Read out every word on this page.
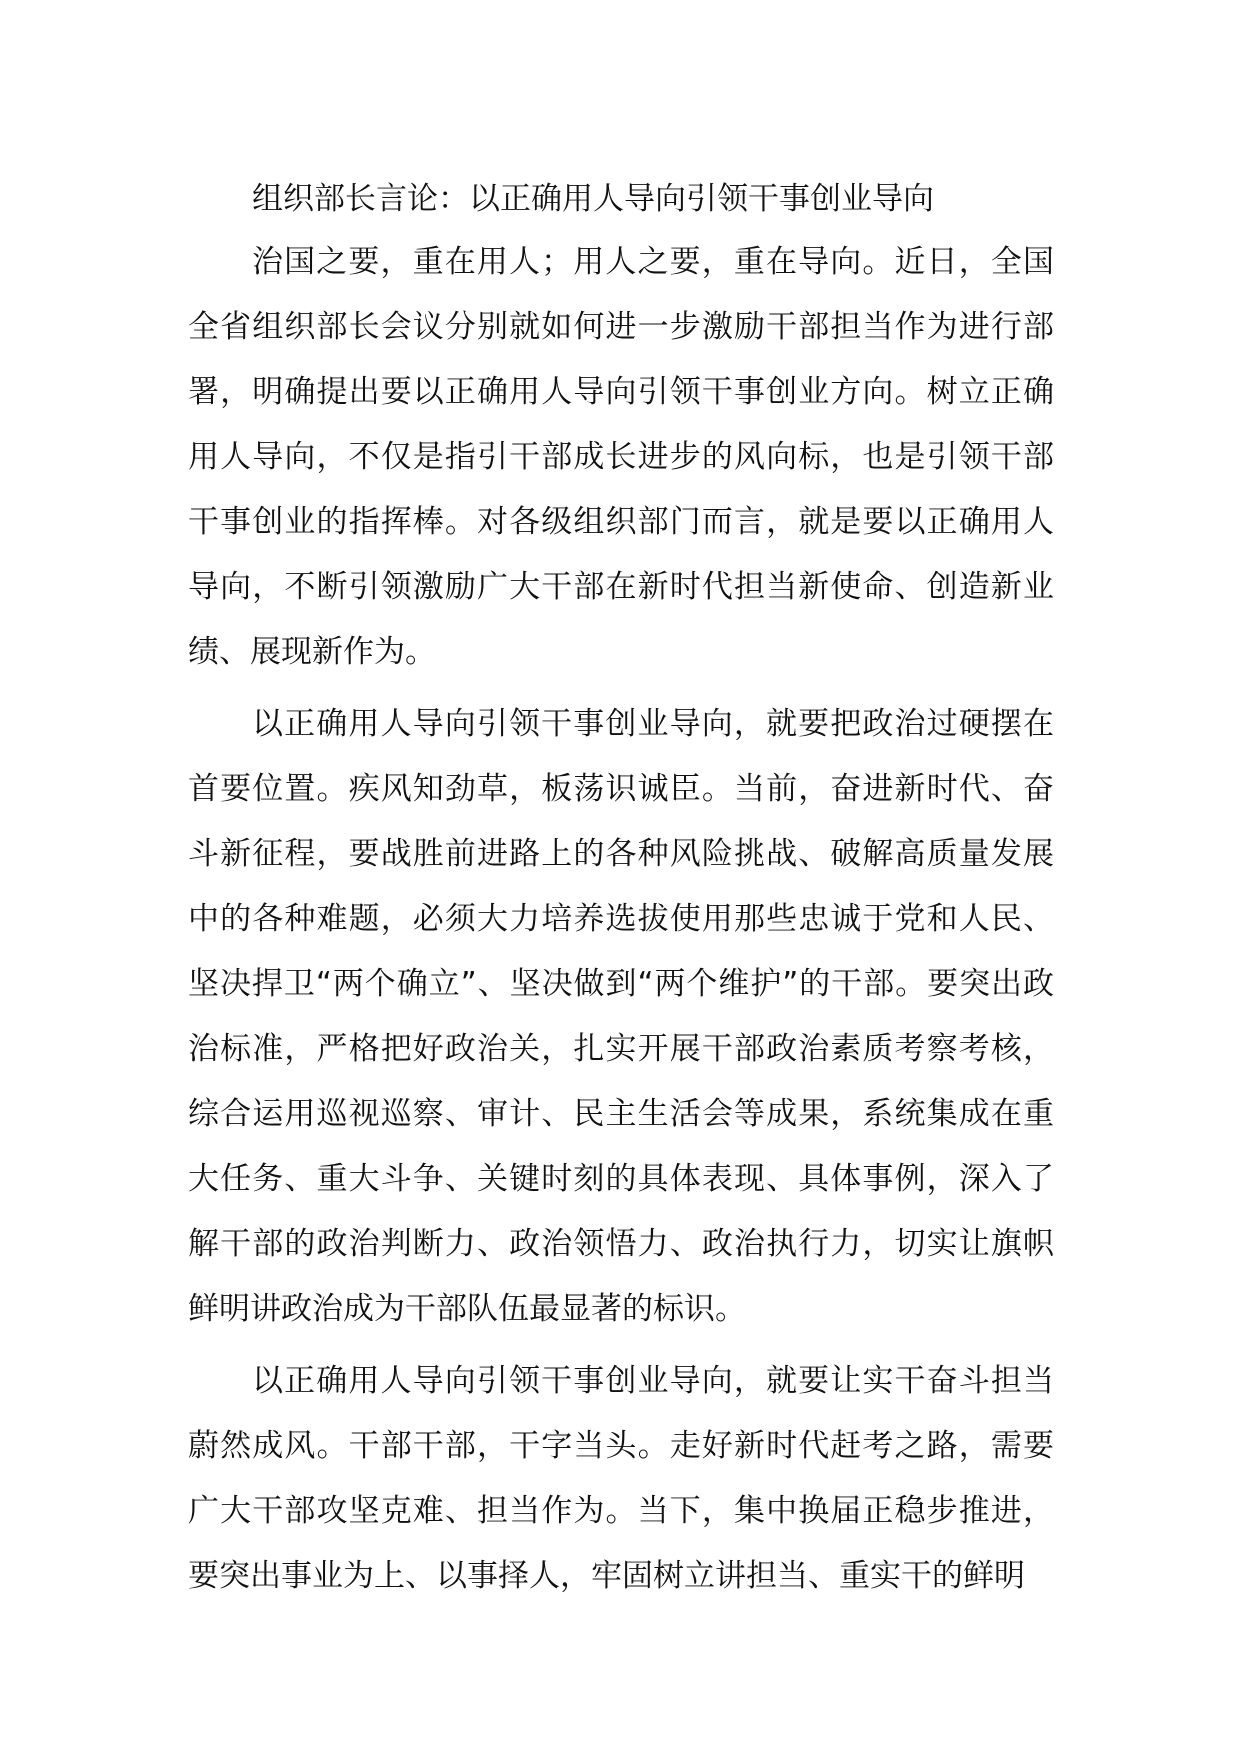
组织部长言论：以正确用人导向引领干事创业导向

治国之要，重在用人；用人之要，重在导向。近日，全国全省组织部长会议分别就如何进一步激励干部担当作为进行部署，明确提出要以正确用人导向引领干事创业方向。树立正确用人导向，不仅是指引干部成长进步的风向标，也是引领干部干事创业的指挥棒。对各级组织部门而言，就是要以正确用人导向，不断引领激励广大干部在新时代担当新使命、创造新业绩、展现新作为。

以正确用人导向引领干事创业导向，就要把政治过硬摆在首要位置。疾风知劲草，板荡识诚臣。当前，奋进新时代、奋斗新征程，要战胜前进路上的各种风险挑战、破解高质量发展中的各种难题，必须大力培养选拔使用那些忠诚于党和人民、坚决捍卫“两个确立”、坚决做到“两个维护”的干部。要突出政治标准，严格把好政治关，扎实开展干部政治素质考察考核，综合运用巡视巡察、审计、民主生活会等成果，系统集成在重大任务、重大斗争、关键时刻的具体表现、具体事例，深入了解干部的政治判断力、政治领悟力、政治执行力，切实让旗帜鲜明讲政治成为干部队伍最显著的标识。

以正确用人导向引领干事创业导向，就要让实干奋斗担当蔚然成风。干部干部，干字当头。走好新时代赶考之路，需要广大干部攻坚克难、担当作为。当下，集中换届正稳步推进，要突出事业为上、以事择人，牢固树立讲担当、重实干的鲜明
